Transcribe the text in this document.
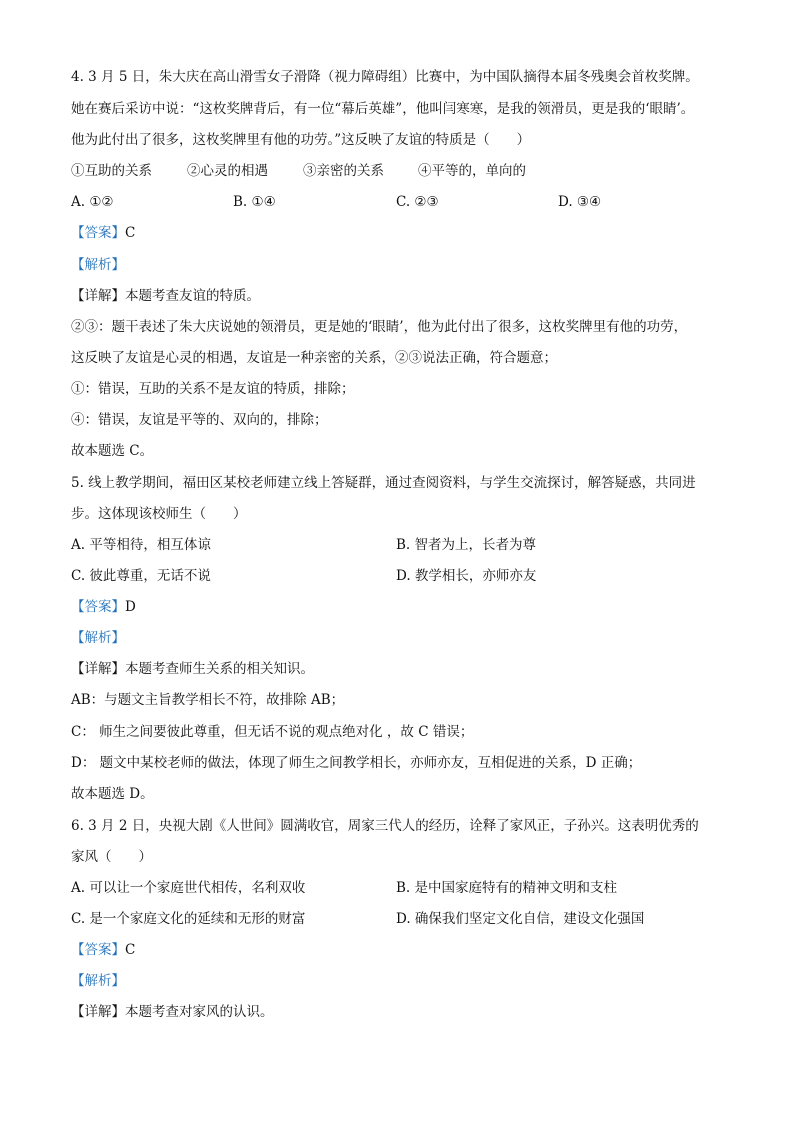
4. 3 月 5 日，朱大庆在高山滑雪女子滑降（视力障碍组）比赛中，为中国队摘得本届冬残奥会首枚奖牌。
她在赛后采访中说：“这枚奖牌背后，有一位“幕后英雄”，他叫闫寒寒，是我的领滑员，更是我的‘眼睛’。
他为此付出了很多，这枚奖牌里有他的功劳。”这反映了友谊的特质是（　　）
①互助的关系	②心灵的相遇	③亲密的关系	④平等的，单向的
A. ①②	B. ①④	C. ②③	D. ③④
【答案】C
【解析】
【详解】本题考查友谊的特质。
②③：题干表述了朱大庆说她的领滑员，更是她的‘眼睛’，他为此付出了很多，这枚奖牌里有他的功劳，
这反映了友谊是心灵的相遇，友谊是一种亲密的关系，②③说法正确，符合题意；
①：错误，互助的关系不是友谊的特质，排除；
④：错误，友谊是平等的、双向的，排除；
故本题选 C。
5. 线上教学期间，福田区某校老师建立线上答疑群，通过查阅资料，与学生交流探讨，解答疑惑，共同进
步。这体现该校师生（　　）
A. 平等相待，相互体谅	B. 智者为上，长者为尊
C. 彼此尊重，无话不说	D. 教学相长，亦师亦友
【答案】D
【解析】
【详解】本题考查师生关系的相关知识。
AB：与题文主旨教学相长不符，故排除 AB；
C： 师生之间要彼此尊重，但无话不说的观点绝对化 ，故 C 错误；
D： 题文中某校老师的做法，体现了师生之间教学相长，亦师亦友，互相促进的关系，D 正确；
故本题选 D。
6. 3 月 2 日，央视大剧《人世间》圆满收官，周家三代人的经历，诠释了家风正，子孙兴。这表明优秀的
家风（　　）
A. 可以让一个家庭世代相传，名利双收	B. 是中国家庭特有的精神文明和支柱
C. 是一个家庭文化的延续和无形的财富	D. 确保我们坚定文化自信，建设文化强国
【答案】C
【解析】
【详解】本题考查对家风的认识。
